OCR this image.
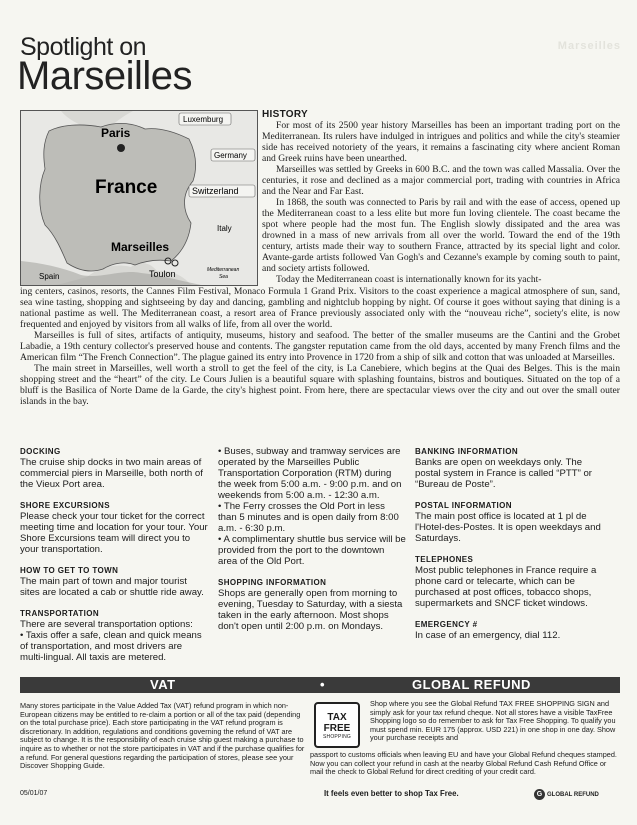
Marseilles
Spotlight on
Marseilles
Paris
Luxemburg
Germany
France	Switzerland
Italy
Marseilles
Toulon
Spain
Mediterranean
Sea
HISTORY

For most of its 2500 year history Marseilles has been an important trading port on the Mediterranean. Its rulers have indulged in intrigues and politics and while the city's steamier side has received notoriety of the years, it remains a fascinating city where ancient Roman and Greek ruins have been unearthed.

Marseilles was settled by Greeks in 600 B.C. and the town was called Massalia. Over the centuries, it rose and declined as a major commercial port, trading with countries in Africa and the Near and Far East.

In 1868, the south was connected to Paris by rail and with the ease of access, opened up the Mediterranean coast to a less elite but more fun loving clientele. The coast became the spot where people had the most fun. The English slowly dissipated and the area was drowned in a mass of new arrivals from all over the world. Toward the end of the 19th century, artists made their way to southern France, attracted by its special light and color. Avante-garde artists followed Van Gogh's and Cezanne's example by coming south to paint, and society artists followed.

Today the Mediterranean coast is internationally known for its yacht-

ing centers, casinos, resorts, the Cannes Film Festival, Monaco Formula 1 Grand Prix. Visitors to the coast experience a magical atmosphere of sun, sand, sea wine tasting, shopping and sightseeing by day and dancing, gambling and nightclub hopping by night. Of course it goes without saying that dining is a national pastime as well. The Mediterranean coast, a resort area of France previously associated only with the “nouveau riche”, society's elite, is now frequented and enjoyed by visitors from all walks of life, from all over the world.

Marseilles is full of sites, artifacts of antiquity, museums, history and seafood. The better of the smaller museums are the Cantini and the Grobet Labadie, a 19th century collector's preserved house and contents. The gangster reputation came from the old days, accented by many French films and the American film “The French Connection”. The plague gained its entry into Provence in 1720 from a ship of silk and cotton that was unloaded at Marseilles.

The main street in Marseilles, well worth a stroll to get the feel of the city, is La Canebiere, which begins at the Quai des Belges. This is the main shopping street and the “heart” of the city. Le Cours Julien is a beautiful square with splashing fountains, bistros and boutiques. Situated on the top of a bluff is the Basilica of Norte Dame de la Garde, the city's highest point. From here, there are spectacular views over the city and out over the small outer islands in the bay.

DOCKING

The cruise ship docks in two main areas of commercial piers in Marseille, both north of the Vieux Port area.

SHORE EXCURSIONS

Please check your tour ticket for the correct meeting time and location for your tour. Your Shore Excursions team will direct you to your transportation.

HOW TO GET TO TOWN

The main part of town and major tourist sites are located a cab or shuttle ride away.

TRANSPORTATION

There are several transportation options:

• Taxis offer a safe, clean and quick means of transportation, and most drivers are multi-lingual. All taxis are metered.

• Buses, subway and tramway services are operated by the Marseilles Public Transportation Corporation (RTM) during the week from 5:00 a.m. - 9:00 p.m. and on weekends from 5:00 a.m. - 12:30 a.m.

• The Ferry crosses the Old Port in less than 5 minutes and is open daily from 8:00 a.m. - 6:30 p.m.

• A complimentary shuttle bus service will be provided from the port to the downtown area of the Old Port.

SHOPPING INFORMATION

Shops are generally open from morning to evening, Tuesday to Saturday, with a siesta taken in the early afternoon. Most shops don't open until 2:00 p.m. on Mondays.

BANKING INFORMATION

Banks are open on weekdays only. The postal system in France is called “PTT” or “Bureau de Poste”.

POSTAL INFORMATION

The main post office is located at 1 pl de l'Hotel-des-Postes. It is open weekdays and Saturdays.

TELEPHONES

Most public telephones in France require a phone card or telecarte, which can be purchased at post offices, tobacco shops, supermarkets and SNCF ticket windows.

EMERGENCY #

In case of an emergency, dial 112.

VAT	•	GLOBAL REFUND
Many stores participate in the Value Added Tax (VAT) refund program in which non-European citizens may be entitled to re-claim a portion or all of the tax paid (depending on the total purchase price). Each store participating in the VAT refund program is discretionary. In addition, regulations and conditions governing the refund of VAT are subject to change. It is the responsibility of each cruise ship guest making a purchase to inquire as to whether or not the store participates in VAT and if the purchase qualifies for a refund. For general questions regarding the participation of stores, please see your Discover Shopping Guide.
TAX
FREE
SHOPPING
Shop where you see the Global Refund TAX FREE SHOPPING SIGN and simply ask for your tax refund cheque. Not all stores have a visible TaxFree Shopping logo so do remember to ask for Tax Free Shopping. To qualify you must spend min. EUR 175 (approx. USD 221) in one shop in one day. Show your purchase receipts and
passport to customs officials when leaving EU and have your Global Refund cheques stamped. Now you can collect your refund in cash at the nearby Global Refund Cash Refund Office or mail the check to Global Refund for direct crediting of your credit card.
05/01/07	It feels even better to shop Tax Free.	G GLOBAL REFUND
